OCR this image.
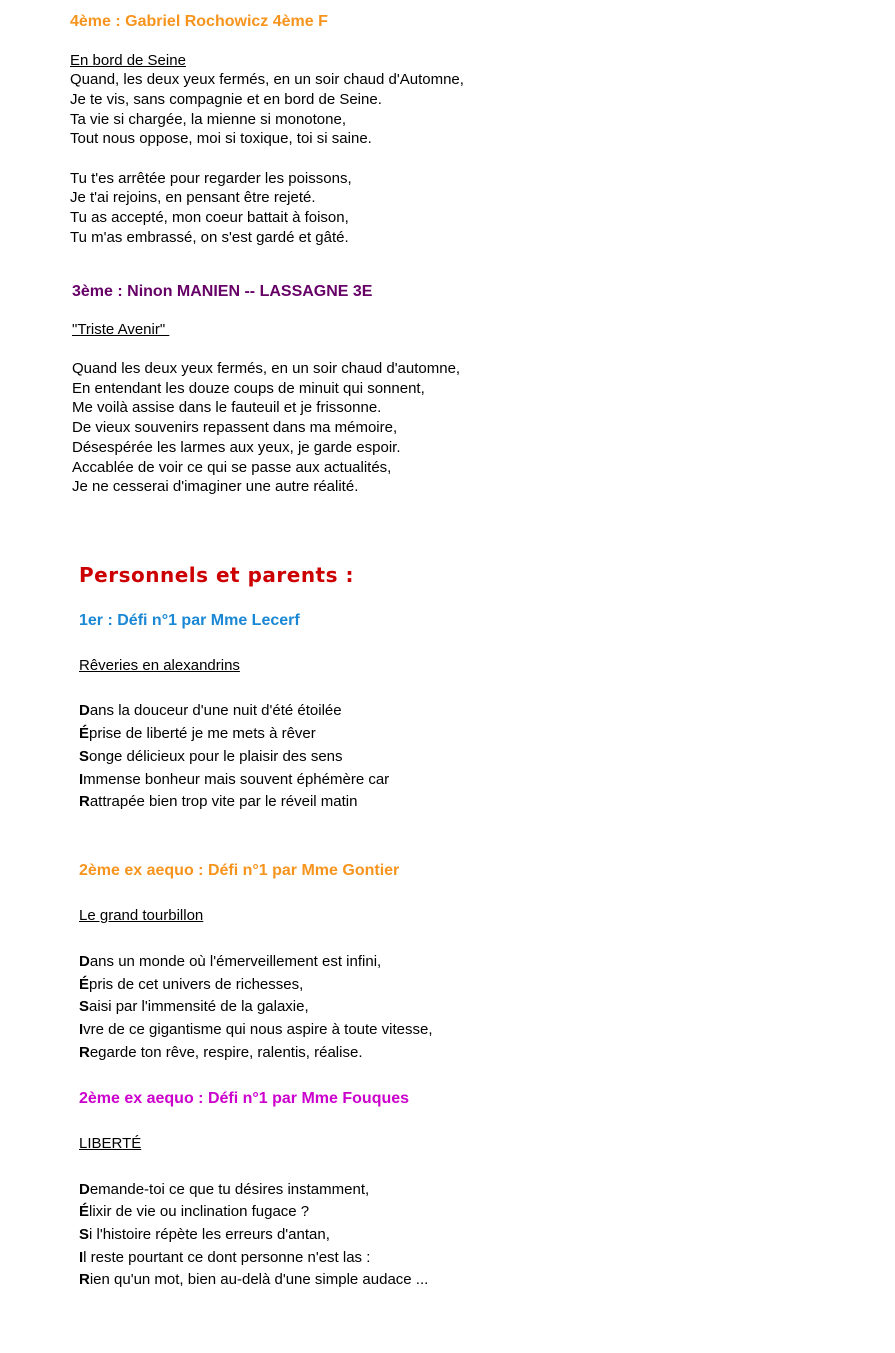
4ème : Gabriel Rochowicz 4ème F
En bord de Seine
Quand, les deux yeux fermés, en un soir chaud d'Automne,
Je te vis, sans compagnie et en bord de Seine.
Ta vie si chargée, la mienne si monotone,
Tout nous oppose, moi si toxique, toi si saine.
Tu t'es arrêtée pour regarder les poissons,
Je t'ai rejoins, en pensant être rejeté.
Tu as accepté, mon coeur battait à foison,
Tu m'as embrassé, on s'est gardé et gâté.
3ème : Ninon MANIEN -- LASSAGNE 3E
"Triste Avenir"
Quand les deux yeux fermés, en un soir chaud d'automne,
En entendant les douze coups de minuit qui sonnent,
Me voilà assise dans le fauteuil et je frissonne.
De vieux souvenirs repassent dans ma mémoire,
Désespérée les larmes aux yeux, je garde espoir.
Accablée de voir ce qui se passe aux actualités,
Je ne cesserai d'imaginer une autre réalité.
Personnels et parents :
1er : Défi n°1 par Mme Lecerf
Rêveries en alexandrins
Dans la douceur d'une nuit d'été étoilée
Éprise de liberté je me mets à rêver
Songe délicieux pour le plaisir des sens
Immense bonheur mais souvent éphémère car
Rattrapée bien trop vite par le réveil matin
2ème ex aequo : Défi n°1 par Mme Gontier
Le grand tourbillon
Dans un monde où l'émerveillement est infini,
Épris de cet univers de richesses,
Saisi par l'immensité de la galaxie,
Ivre de ce gigantisme qui nous aspire à toute vitesse,
Regarde ton rêve, respire, ralentis, réalise.
2ème ex aequo : Défi n°1 par Mme Fouques
LIBERTÉ
Demande-toi ce que tu désires instamment,
Élixir de vie ou inclination fugace ?
Si l'histoire répète les erreurs d'antan,
Il reste pourtant ce dont personne n'est las :
Rien qu'un mot, bien au-delà d'une simple audace ...
